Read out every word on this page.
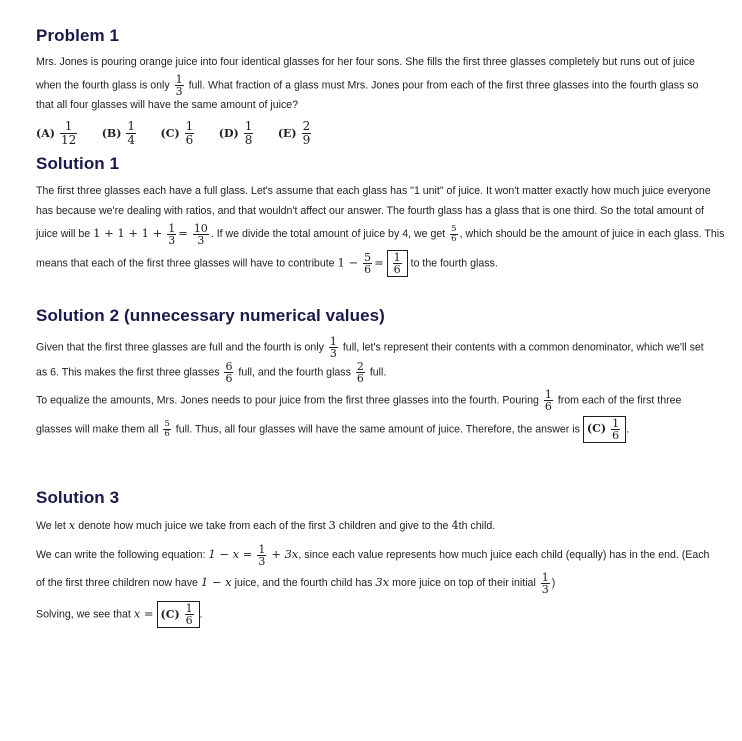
Problem 1

Mrs. Jones is pouring orange juice into four identical glasses for her four sons. She fills the first three glasses completely but runs out of juice

when the fourth glass is only $\frac{1}{3}$ full. What fraction of a glass must Mrs. Jones pour from each of the first three glasses into the fourth glass so

that all four glasses will have the same amount of juice?

$(A) \frac{1}{12} (B) \frac{1}{4} (C) \frac{1}{6} (D) \frac{1}{8} (E) \frac{2}{9}$
Solution 1

The first three glasses each have a full glass. Let's assume that each glass has "1 unit" of juice. It won't matter exactly how much juice everyone

has because we're dealing with ratios, and that wouldn't affect our answer. The fourth glass has a glass that is one third. So the total amount of

juice will be $1 + 1 + 1 + \frac{1}{3} = \frac{10}{3}$ . If we divide the total amount of juice by 4, we get $\frac{5}{6}$ , which should be the amount of juice in each glass. This

means that each of the first three glasses will have to contribute $1 - \frac{5}{6} = \frac{1}{6}$ to the fourth glass.

Solution 2 (unnecessary numerical values)

Given that the first three glasses are full and the fourth is only $\frac{1}{3}$ full, let's represent their contents with a common denominator, which we'll set

as 6. This makes the first three glasses $\frac{6}{6}$ full, and the fourth glass $\frac{2}{6}$ full.

To equalize the amounts, Mrs. Jones needs to pour juice from the first three glasses into the fourth. Pouring $\frac{1}{6}$ from each of the first three

glasses will make them all $\frac{5}{6}$ full. Thus, all four glasses will have the same amount of juice. Therefore, the answer is $(C) \frac{1}{6}$ .

Solution 3

We let x denote how much juice we take from each of the first 3 children and give to the 4th child.

We can write the following equation: $1 - x = \frac{1}{3} + 3x$, since each value represents how much juice each child (equally) has in the end. (Each

of the first three children now have 1 − x juice, and the fourth child has 3x more juice on top of their initial $\frac{1}{3}$ )

Solving, we see that $x = (C) \frac{1}{6}$ .
